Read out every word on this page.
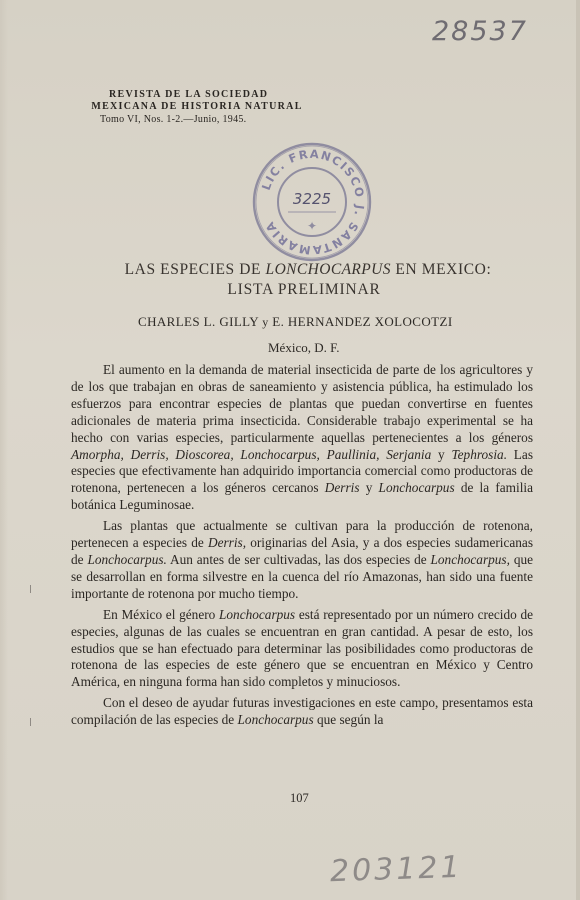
28537
REVISTA DE LA SOCIEDAD
MEXICANA DE HISTORIA NATURAL
Tomo VI, Nos. 1-2.—Junio, 1945.
LIC. FRANCISCO J. SANTAMARIA
3225
✦
LAS ESPECIES DE LONCHOCARPUS EN MEXICO:
LISTA PRELIMINAR
CHARLES L. GILLY y E. HERNANDEZ XOLOCOTZI
México, D. F.

El aumento en la demanda de material insecticida de parte de los agricultores y de los que trabajan en obras de saneamiento y asistencia pública, ha estimulado los esfuerzos para encontrar especies de plantas que puedan convertirse en fuentes adicionales de materia prima insecticida. Considerable trabajo experimental se ha hecho con varias especies, particularmente aquellas pertenecientes a los géneros Amorpha, Derris, Dioscorea, Lonchocarpus, Paullinia, Serjania y Tephrosia. Las especies que efectivamente han adquirido importancia comercial como productoras de rotenona, pertenecen a los géneros cercanos Derris y Lonchocarpus de la familia botánica Leguminosae.

Las plantas que actualmente se cultivan para la producción de rotenona, pertenecen a especies de Derris, originarias del Asia, y a dos especies sudamericanas de Lonchocarpus. Aun antes de ser cultivadas, las dos especies de Lonchocarpus, que se desarrollan en forma silvestre en la cuenca del río Amazonas, han sido una fuente importante de rotenona por mucho tiempo.

En México el género Lonchocarpus está representado por un número crecido de especies, algunas de las cuales se encuentran en gran cantidad. A pesar de esto, los estudios que se han efectuado para determinar las posibilidades como productoras de rotenona de las especies de este género que se encuentran en México y Centro América, en ninguna forma han sido completos y minuciosos.

Con el deseo de ayudar futuras investigaciones en este campo, presentamos esta compilación de las especies de Lonchocarpus que según la

107
203121
